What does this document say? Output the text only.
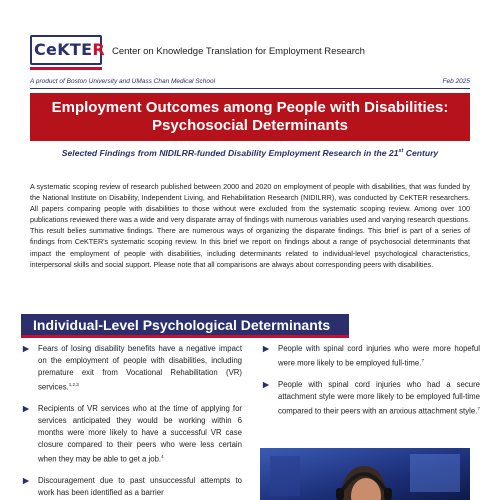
CeKTER Center on Knowledge Translation for Employment Research
A product of Boston University and UMass Chan Medical School	Feb 2025
Employment Outcomes among People with Disabilities:
Psychosocial Determinants
Selected Findings from NIDILRR-funded Disability Employment Research in the 21st Century

A systematic scoping review of research published between 2000 and 2020 on employment of people with disabilities, that was funded by the National Institute on Disability, Independent Living, and Rehabilitation Research (NIDILRR), was conducted by CeKTER researchers. All papers comparing people with disabilities to those without were excluded from the systematic scoping review. Among over 100 publications reviewed there was a wide and very disparate array of findings with numerous variables used and varying research questions. This result belies summative findings. There are numerous ways of organizing the disparate findings. This brief is part of a series of findings from CeKTER's systematic scoping review. In this brief we report on findings about a range of psychosocial determinants that impact the employment of people with disabilities, including determinants related to individual-level psychological characteristics, interpersonal skills and social support. Please note that all comparisons are always about corresponding peers with disabilities.

Individual-Level Psychological Determinants
Fears of losing disability benefits have a negative impact on the employment of people with disabilities, including premature exit from Vocational Rehabilitation (VR) services.$^{1,2,3}$
Recipients of VR services who at the time of applying for services anticipated they would be working within 6 months were more likely to have a successful VR case closure compared to their peers who were less certain when they may be able to get a job.$^4$
Discouragement due to past unsuccessful attempts to work has been identified as a barrier
People with spinal cord injuries who were more hopeful were more likely to be employed full-time.$^7$
People with spinal cord injuries who had a secure attachment style were more likely to be employed full-time compared to their peers with an anxious attachment style.$^7$
